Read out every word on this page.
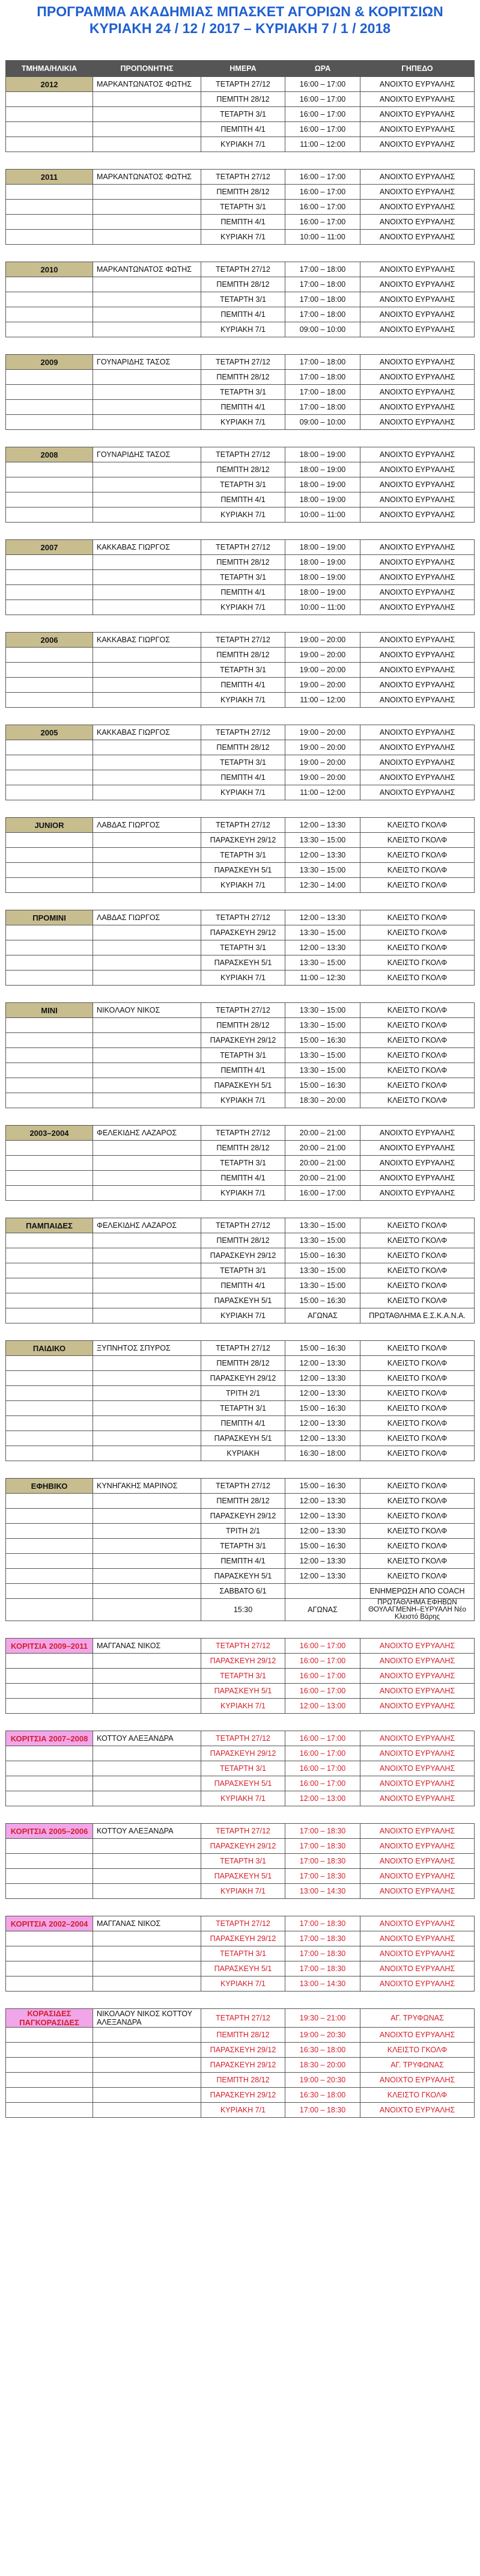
ΠΡΟΓΡΑΜΜΑ ΑΚΑΔΗΜΙΑΣ ΜΠΑΣΚΕΤ ΑΓΟΡΙΩΝ & ΚΟΡΙΤΣΙΩΝ
ΚΥΡΙΑΚΗ 24 / 12 / 2017 – ΚΥΡΙΑΚΗ 7 / 1 / 2018
ΤΜΗΜΑ/ΗΛΙΚΙΑ	ΠΡΟΠΟΝΗΤΗΣ	ΗΜΕΡΑ	ΩΡΑ	ΓΗΠΕΔΟ
2012	ΜΑΡΚΑΝΤΩΝΑΤΟΣ ΦΩΤΗΣ	ΤΕΤΑΡΤΗ 27/12	16:00 – 17:00	ΑΝΟΙΧΤΟ ΕΥΡΥΑΛΗΣ
		ΠΕΜΠΤΗ 28/12	16:00 – 17:00	ΑΝΟΙΧΤΟ ΕΥΡΥΑΛΗΣ
		ΤΕΤΑΡΤΗ 3/1	16:00 – 17:00	ΑΝΟΙΧΤΟ ΕΥΡΥΑΛΗΣ
		ΠΕΜΠΤΗ 4/1	16:00 – 17:00	ΑΝΟΙΧΤΟ ΕΥΡΥΑΛΗΣ
		ΚΥΡΙΑΚΗ 7/1	11:00 – 12:00	ΑΝΟΙΧΤΟ ΕΥΡΥΑΛΗΣ

2011	ΜΑΡΚΑΝΤΩΝΑΤΟΣ ΦΩΤΗΣ	ΤΕΤΑΡΤΗ 27/12	16:00 – 17:00	ΑΝΟΙΧΤΟ ΕΥΡΥΑΛΗΣ
		ΠΕΜΠΤΗ 28/12	16:00 – 17:00	ΑΝΟΙΧΤΟ ΕΥΡΥΑΛΗΣ
		ΤΕΤΑΡΤΗ 3/1	16:00 – 17:00	ΑΝΟΙΧΤΟ ΕΥΡΥΑΛΗΣ
		ΠΕΜΠΤΗ 4/1	16:00 – 17:00	ΑΝΟΙΧΤΟ ΕΥΡΥΑΛΗΣ
		ΚΥΡΙΑΚΗ 7/1	10:00 – 11:00	ΑΝΟΙΧΤΟ ΕΥΡΥΑΛΗΣ

2010	ΜΑΡΚΑΝΤΩΝΑΤΟΣ ΦΩΤΗΣ	ΤΕΤΑΡΤΗ 27/12	17:00 – 18:00	ΑΝΟΙΧΤΟ ΕΥΡΥΑΛΗΣ
		ΠΕΜΠΤΗ 28/12	17:00 – 18:00	ΑΝΟΙΧΤΟ ΕΥΡΥΑΛΗΣ
		ΤΕΤΑΡΤΗ 3/1	17:00 – 18:00	ΑΝΟΙΧΤΟ ΕΥΡΥΑΛΗΣ
		ΠΕΜΠΤΗ 4/1	17:00 – 18:00	ΑΝΟΙΧΤΟ ΕΥΡΥΑΛΗΣ
		ΚΥΡΙΑΚΗ 7/1	09:00 – 10:00	ΑΝΟΙΧΤΟ ΕΥΡΥΑΛΗΣ

2009	ΓΟΥΝΑΡΙΔΗΣ ΤΑΣΟΣ	ΤΕΤΑΡΤΗ 27/12	17:00 – 18:00	ΑΝΟΙΧΤΟ ΕΥΡΥΑΛΗΣ
		ΠΕΜΠΤΗ 28/12	17:00 – 18:00	ΑΝΟΙΧΤΟ ΕΥΡΥΑΛΗΣ
		ΤΕΤΑΡΤΗ 3/1	17:00 – 18:00	ΑΝΟΙΧΤΟ ΕΥΡΥΑΛΗΣ
		ΠΕΜΠΤΗ 4/1	17:00 – 18:00	ΑΝΟΙΧΤΟ ΕΥΡΥΑΛΗΣ
		ΚΥΡΙΑΚΗ 7/1	09:00 – 10:00	ΑΝΟΙΧΤΟ ΕΥΡΥΑΛΗΣ

2008	ΓΟΥΝΑΡΙΔΗΣ ΤΑΣΟΣ	ΤΕΤΑΡΤΗ 27/12	18:00 – 19:00	ΑΝΟΙΧΤΟ ΕΥΡΥΑΛΗΣ
		ΠΕΜΠΤΗ 28/12	18:00 – 19:00	ΑΝΟΙΧΤΟ ΕΥΡΥΑΛΗΣ
		ΤΕΤΑΡΤΗ 3/1	18:00 – 19:00	ΑΝΟΙΧΤΟ ΕΥΡΥΑΛΗΣ
		ΠΕΜΠΤΗ 4/1	18:00 – 19:00	ΑΝΟΙΧΤΟ ΕΥΡΥΑΛΗΣ
		ΚΥΡΙΑΚΗ 7/1	10:00 – 11:00	ΑΝΟΙΧΤΟ ΕΥΡΥΑΛΗΣ

2007	ΚΑΚΚΑΒΑΣ ΓΙΩΡΓΟΣ	ΤΕΤΑΡΤΗ 27/12	18:00 – 19:00	ΑΝΟΙΧΤΟ ΕΥΡΥΑΛΗΣ
		ΠΕΜΠΤΗ 28/12	18:00 – 19:00	ΑΝΟΙΧΤΟ ΕΥΡΥΑΛΗΣ
		ΤΕΤΑΡΤΗ 3/1	18:00 – 19:00	ΑΝΟΙΧΤΟ ΕΥΡΥΑΛΗΣ
		ΠΕΜΠΤΗ 4/1	18:00 – 19:00	ΑΝΟΙΧΤΟ ΕΥΡΥΑΛΗΣ
		ΚΥΡΙΑΚΗ 7/1	10:00 – 11:00	ΑΝΟΙΧΤΟ ΕΥΡΥΑΛΗΣ

2006	ΚΑΚΚΑΒΑΣ ΓΙΩΡΓΟΣ	ΤΕΤΑΡΤΗ 27/12	19:00 – 20:00	ΑΝΟΙΧΤΟ ΕΥΡΥΑΛΗΣ
		ΠΕΜΠΤΗ 28/12	19:00 – 20:00	ΑΝΟΙΧΤΟ ΕΥΡΥΑΛΗΣ
		ΤΕΤΑΡΤΗ 3/1	19:00 – 20:00	ΑΝΟΙΧΤΟ ΕΥΡΥΑΛΗΣ
		ΠΕΜΠΤΗ 4/1	19:00 – 20:00	ΑΝΟΙΧΤΟ ΕΥΡΥΑΛΗΣ
		ΚΥΡΙΑΚΗ 7/1	11:00 – 12:00	ΑΝΟΙΧΤΟ ΕΥΡΥΑΛΗΣ

2005	ΚΑΚΚΑΒΑΣ ΓΙΩΡΓΟΣ	ΤΕΤΑΡΤΗ 27/12	19:00 – 20:00	ΑΝΟΙΧΤΟ ΕΥΡΥΑΛΗΣ
		ΠΕΜΠΤΗ 28/12	19:00 – 20:00	ΑΝΟΙΧΤΟ ΕΥΡΥΑΛΗΣ
		ΤΕΤΑΡΤΗ 3/1	19:00 – 20:00	ΑΝΟΙΧΤΟ ΕΥΡΥΑΛΗΣ
		ΠΕΜΠΤΗ 4/1	19:00 – 20:00	ΑΝΟΙΧΤΟ ΕΥΡΥΑΛΗΣ
		ΚΥΡΙΑΚΗ 7/1	11:00 – 12:00	ΑΝΟΙΧΤΟ ΕΥΡΥΑΛΗΣ

JUNIOR	ΛΑΒΔΑΣ ΓΙΩΡΓΟΣ	ΤΕΤΑΡΤΗ 27/12	12:00 – 13:30	ΚΛΕΙΣΤΟ ΓΚΟΛΦ
		ΠΑΡΑΣΚΕΥΗ 29/12	13:30 – 15:00	ΚΛΕΙΣΤΟ ΓΚΟΛΦ
		ΤΕΤΑΡΤΗ 3/1	12:00 – 13:30	ΚΛΕΙΣΤΟ ΓΚΟΛΦ
		ΠΑΡΑΣΚΕΥΗ 5/1	13:30 – 15:00	ΚΛΕΙΣΤΟ ΓΚΟΛΦ
		ΚΥΡΙΑΚΗ 7/1	12:30 – 14:00	ΚΛΕΙΣΤΟ ΓΚΟΛΦ

ΠΡΟΜΙΝΙ	ΛΑΒΔΑΣ ΓΙΩΡΓΟΣ	ΤΕΤΑΡΤΗ 27/12	12:00 – 13:30	ΚΛΕΙΣΤΟ ΓΚΟΛΦ
		ΠΑΡΑΣΚΕΥΗ 29/12	13:30 – 15:00	ΚΛΕΙΣΤΟ ΓΚΟΛΦ
		ΤΕΤΑΡΤΗ 3/1	12:00 – 13:30	ΚΛΕΙΣΤΟ ΓΚΟΛΦ
		ΠΑΡΑΣΚΕΥΗ 5/1	13:30 – 15:00	ΚΛΕΙΣΤΟ ΓΚΟΛΦ
		ΚΥΡΙΑΚΗ 7/1	11:00 – 12:30	ΚΛΕΙΣΤΟ ΓΚΟΛΦ

ΜΙΝΙ	ΝΙΚΟΛΑΟΥ ΝΙΚΟΣ	ΤΕΤΑΡΤΗ 27/12	13:30 – 15:00	ΚΛΕΙΣΤΟ ΓΚΟΛΦ
		ΠΕΜΠΤΗ 28/12	13:30 – 15:00	ΚΛΕΙΣΤΟ ΓΚΟΛΦ
		ΠΑΡΑΣΚΕΥΗ 29/12	15:00 – 16:30	ΚΛΕΙΣΤΟ ΓΚΟΛΦ
		ΤΕΤΑΡΤΗ 3/1	13:30 – 15:00	ΚΛΕΙΣΤΟ ΓΚΟΛΦ
		ΠΕΜΠΤΗ 4/1	13:30 – 15:00	ΚΛΕΙΣΤΟ ΓΚΟΛΦ
		ΠΑΡΑΣΚΕΥΗ 5/1	15:00 – 16:30	ΚΛΕΙΣΤΟ ΓΚΟΛΦ
		ΚΥΡΙΑΚΗ 7/1	18:30 – 20:00	ΚΛΕΙΣΤΟ ΓΚΟΛΦ

2003–2004	ΦΕΛΕΚΙΔΗΣ ΛΑΖΑΡΟΣ	ΤΕΤΑΡΤΗ 27/12	20:00 – 21:00	ΑΝΟΙΧΤΟ ΕΥΡΥΑΛΗΣ
		ΠΕΜΠΤΗ 28/12	20:00 – 21:00	ΑΝΟΙΧΤΟ ΕΥΡΥΑΛΗΣ
		ΤΕΤΑΡΤΗ 3/1	20:00 – 21:00	ΑΝΟΙΧΤΟ ΕΥΡΥΑΛΗΣ
		ΠΕΜΠΤΗ 4/1	20:00 – 21:00	ΑΝΟΙΧΤΟ ΕΥΡΥΑΛΗΣ
		ΚΥΡΙΑΚΗ 7/1	16:00 – 17:00	ΑΝΟΙΧΤΟ ΕΥΡΥΑΛΗΣ

ΠΑΜΠΑΙΔΕΣ	ΦΕΛΕΚΙΔΗΣ ΛΑΖΑΡΟΣ	ΤΕΤΑΡΤΗ 27/12	13:30 – 15:00	ΚΛΕΙΣΤΟ ΓΚΟΛΦ
		ΠΕΜΠΤΗ 28/12	13:30 – 15:00	ΚΛΕΙΣΤΟ ΓΚΟΛΦ
		ΠΑΡΑΣΚΕΥΗ 29/12	15:00 – 16:30	ΚΛΕΙΣΤΟ ΓΚΟΛΦ
		ΤΕΤΑΡΤΗ 3/1	13:30 – 15:00	ΚΛΕΙΣΤΟ ΓΚΟΛΦ
		ΠΕΜΠΤΗ 4/1	13:30 – 15:00	ΚΛΕΙΣΤΟ ΓΚΟΛΦ
		ΠΑΡΑΣΚΕΥΗ 5/1	15:00 – 16:30	ΚΛΕΙΣΤΟ ΓΚΟΛΦ
		ΚΥΡΙΑΚΗ 7/1	ΑΓΩΝΑΣ	ΠΡΩΤΑΘΛΗΜΑ Ε.Σ.Κ.Α.Ν.Α.

ΠΑΙΔΙΚΟ	ΞΥΠΝΗΤΟΣ ΣΠΥΡΟΣ	ΤΕΤΑΡΤΗ 27/12	15:00 – 16:30	ΚΛΕΙΣΤΟ ΓΚΟΛΦ
		ΠΕΜΠΤΗ 28/12	12:00 – 13:30	ΚΛΕΙΣΤΟ ΓΚΟΛΦ
		ΠΑΡΑΣΚΕΥΗ 29/12	12:00 – 13:30	ΚΛΕΙΣΤΟ ΓΚΟΛΦ
		ΤΡΙΤΗ 2/1	12:00 – 13:30	ΚΛΕΙΣΤΟ ΓΚΟΛΦ
		ΤΕΤΑΡΤΗ 3/1	15:00 – 16:30	ΚΛΕΙΣΤΟ ΓΚΟΛΦ
		ΠΕΜΠΤΗ 4/1	12:00 – 13:30	ΚΛΕΙΣΤΟ ΓΚΟΛΦ
		ΠΑΡΑΣΚΕΥΗ 5/1	12:00 – 13:30	ΚΛΕΙΣΤΟ ΓΚΟΛΦ
		ΚΥΡΙΑΚΗ	16:30 – 18:00	ΚΛΕΙΣΤΟ ΓΚΟΛΦ

ΕΦΗΒΙΚΟ	ΚΥΝΗΓΑΚΗΣ ΜΑΡΙΝΟΣ	ΤΕΤΑΡΤΗ 27/12	15:00 – 16:30	ΚΛΕΙΣΤΟ ΓΚΟΛΦ
		ΠΕΜΠΤΗ 28/12	12:00 – 13:30	ΚΛΕΙΣΤΟ ΓΚΟΛΦ
		ΠΑΡΑΣΚΕΥΗ 29/12	12:00 – 13:30	ΚΛΕΙΣΤΟ ΓΚΟΛΦ
		ΤΡΙΤΗ 2/1	12:00 – 13:30	ΚΛΕΙΣΤΟ ΓΚΟΛΦ
		ΤΕΤΑΡΤΗ 3/1	15:00 – 16:30	ΚΛΕΙΣΤΟ ΓΚΟΛΦ
		ΠΕΜΠΤΗ 4/1	12:00 – 13:30	ΚΛΕΙΣΤΟ ΓΚΟΛΦ
		ΠΑΡΑΣΚΕΥΗ 5/1	12:00 – 13:30	ΚΛΕΙΣΤΟ ΓΚΟΛΦ
		ΣΑΒΒΑΤΟ 6/1		ΕΝΗΜΕΡΩΣΗ ΑΠΟ COACH
		15:30	ΑΓΩΝΑΣ	ΠΡΩΤΑΘΛΗΜΑ ΕΦΗΒΩΝ ΘΟΥΛΑΓΜΕΝΗ–ΕΥΡΥΑΛΗ Νέο Κλειστό Βάρης

ΚΟΡΙΤΣΙΑ 2009–2011	ΜΑΓΓΑΝΑΣ ΝΙΚΟΣ	ΤΕΤΑΡΤΗ 27/12	16:00 – 17:00	ΑΝΟΙΧΤΟ ΕΥΡΥΑΛΗΣ
		ΠΑΡΑΣΚΕΥΗ 29/12	16:00 – 17:00	ΑΝΟΙΧΤΟ ΕΥΡΥΑΛΗΣ
		ΤΕΤΑΡΤΗ 3/1	16:00 – 17:00	ΑΝΟΙΧΤΟ ΕΥΡΥΑΛΗΣ
		ΠΑΡΑΣΚΕΥΗ 5/1	16:00 – 17:00	ΑΝΟΙΧΤΟ ΕΥΡΥΑΛΗΣ
		ΚΥΡΙΑΚΗ 7/1	12:00 – 13:00	ΑΝΟΙΧΤΟ ΕΥΡΥΑΛΗΣ

ΚΟΡΙΤΣΙΑ 2007–2008	ΚΟΤΤΟΥ ΑΛΕΞΑΝΔΡΑ	ΤΕΤΑΡΤΗ 27/12	16:00 – 17:00	ΑΝΟΙΧΤΟ ΕΥΡΥΑΛΗΣ
		ΠΑΡΑΣΚΕΥΗ 29/12	16:00 – 17:00	ΑΝΟΙΧΤΟ ΕΥΡΥΑΛΗΣ
		ΤΕΤΑΡΤΗ 3/1	16:00 – 17:00	ΑΝΟΙΧΤΟ ΕΥΡΥΑΛΗΣ
		ΠΑΡΑΣΚΕΥΗ 5/1	16:00 – 17:00	ΑΝΟΙΧΤΟ ΕΥΡΥΑΛΗΣ
		ΚΥΡΙΑΚΗ 7/1	12:00 – 13:00	ΑΝΟΙΧΤΟ ΕΥΡΥΑΛΗΣ

ΚΟΡΙΤΣΙΑ 2005–2006	ΚΟΤΤΟΥ ΑΛΕΞΑΝΔΡΑ	ΤΕΤΑΡΤΗ 27/12	17:00 – 18:30	ΑΝΟΙΧΤΟ ΕΥΡΥΑΛΗΣ
		ΠΑΡΑΣΚΕΥΗ 29/12	17:00 – 18:30	ΑΝΟΙΧΤΟ ΕΥΡΥΑΛΗΣ
		ΤΕΤΑΡΤΗ 3/1	17:00 – 18:30	ΑΝΟΙΧΤΟ ΕΥΡΥΑΛΗΣ
		ΠΑΡΑΣΚΕΥΗ 5/1	17:00 – 18:30	ΑΝΟΙΧΤΟ ΕΥΡΥΑΛΗΣ
		ΚΥΡΙΑΚΗ 7/1	13:00 – 14:30	ΑΝΟΙΧΤΟ ΕΥΡΥΑΛΗΣ

ΚΟΡΙΤΣΙΑ 2002–2004	ΜΑΓΓΑΝΑΣ ΝΙΚΟΣ	ΤΕΤΑΡΤΗ 27/12	17:00 – 18:30	ΑΝΟΙΧΤΟ ΕΥΡΥΑΛΗΣ
		ΠΑΡΑΣΚΕΥΗ 29/12	17:00 – 18:30	ΑΝΟΙΧΤΟ ΕΥΡΥΑΛΗΣ
		ΤΕΤΑΡΤΗ 3/1	17:00 – 18:30	ΑΝΟΙΧΤΟ ΕΥΡΥΑΛΗΣ
		ΠΑΡΑΣΚΕΥΗ 5/1	17:00 – 18:30	ΑΝΟΙΧΤΟ ΕΥΡΥΑΛΗΣ
		ΚΥΡΙΑΚΗ 7/1	13:00 – 14:30	ΑΝΟΙΧΤΟ ΕΥΡΥΑΛΗΣ

ΚΟΡΑΣΙΔΕΣ ΠΑΓΚΟΡΑΣΙΔΕΣ	ΝΙΚΟΛΑΟΥ ΝΙΚΟΣ ΚΟΤΤΟΥ ΑΛΕΞΑΝΔΡΑ	ΤΕΤΑΡΤΗ 27/12	19:30 – 21:00	ΑΓ. ΤΡΥΦΩΝΑΣ
		ΠΕΜΠΤΗ 28/12	19:00 – 20:30	ΑΝΟΙΧΤΟ ΕΥΡΥΑΛΗΣ
		ΠΑΡΑΣΚΕΥΗ 29/12	16:30 – 18:00	ΚΛΕΙΣΤΟ ΓΚΟΛΦ
		ΠΑΡΑΣΚΕΥΗ 29/12	18:30 – 20:00	ΑΓ. ΤΡΥΦΩΝΑΣ
		ΠΕΜΠΤΗ 28/12	19:00 – 20:30	ΑΝΟΙΧΤΟ ΕΥΡΥΑΛΗΣ
		ΠΑΡΑΣΚΕΥΗ 29/12	16:30 – 18:00	ΚΛΕΙΣΤΟ ΓΚΟΛΦ
		ΚΥΡΙΑΚΗ 7/1	17:00 – 18:30	ΑΝΟΙΧΤΟ ΕΥΡΥΑΛΗΣ
